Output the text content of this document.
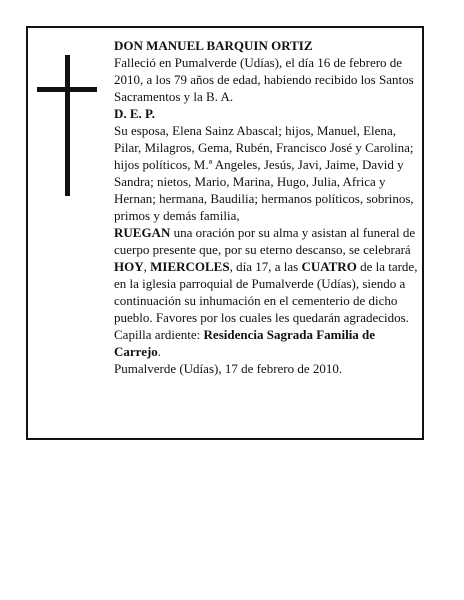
DON MANUEL BARQUIN ORTIZ

Falleció en Pumalverde (Udías), el día 16 de febrero de 2010, a los 79 años de edad, habiendo recibido los Santos Sacramentos y la B. A.

D. E. P.

Su esposa, Elena Sainz Abascal; hijos, Manuel, Elena, Pilar, Milagros, Gema, Rubén, Francisco José y Carolina; hijos políticos, M.ª Angeles, Jesús, Javi, Jaime, David y Sandra; nietos, Mario, Marina, Hugo, Julia, Africa y Hernan; hermana, Baudilia; hermanos políticos, sobrinos, primos y demás familia,

RUEGAN una oración por su alma y asistan al funeral de cuerpo presente que, por su eterno descanso, se celebrará HOY, MIERCOLES, día 17, a las CUATRO de la tarde, en la iglesia parroquial de Pumalverde (Udías), siendo a continuación su inhumación en el cementerio de dicho pueblo. Favores por los cuales les quedarán agradecidos.

Capilla ardiente: Residencia Sagrada Familia de Carrejo.

Pumalverde (Udías), 17 de febrero de 2010.
